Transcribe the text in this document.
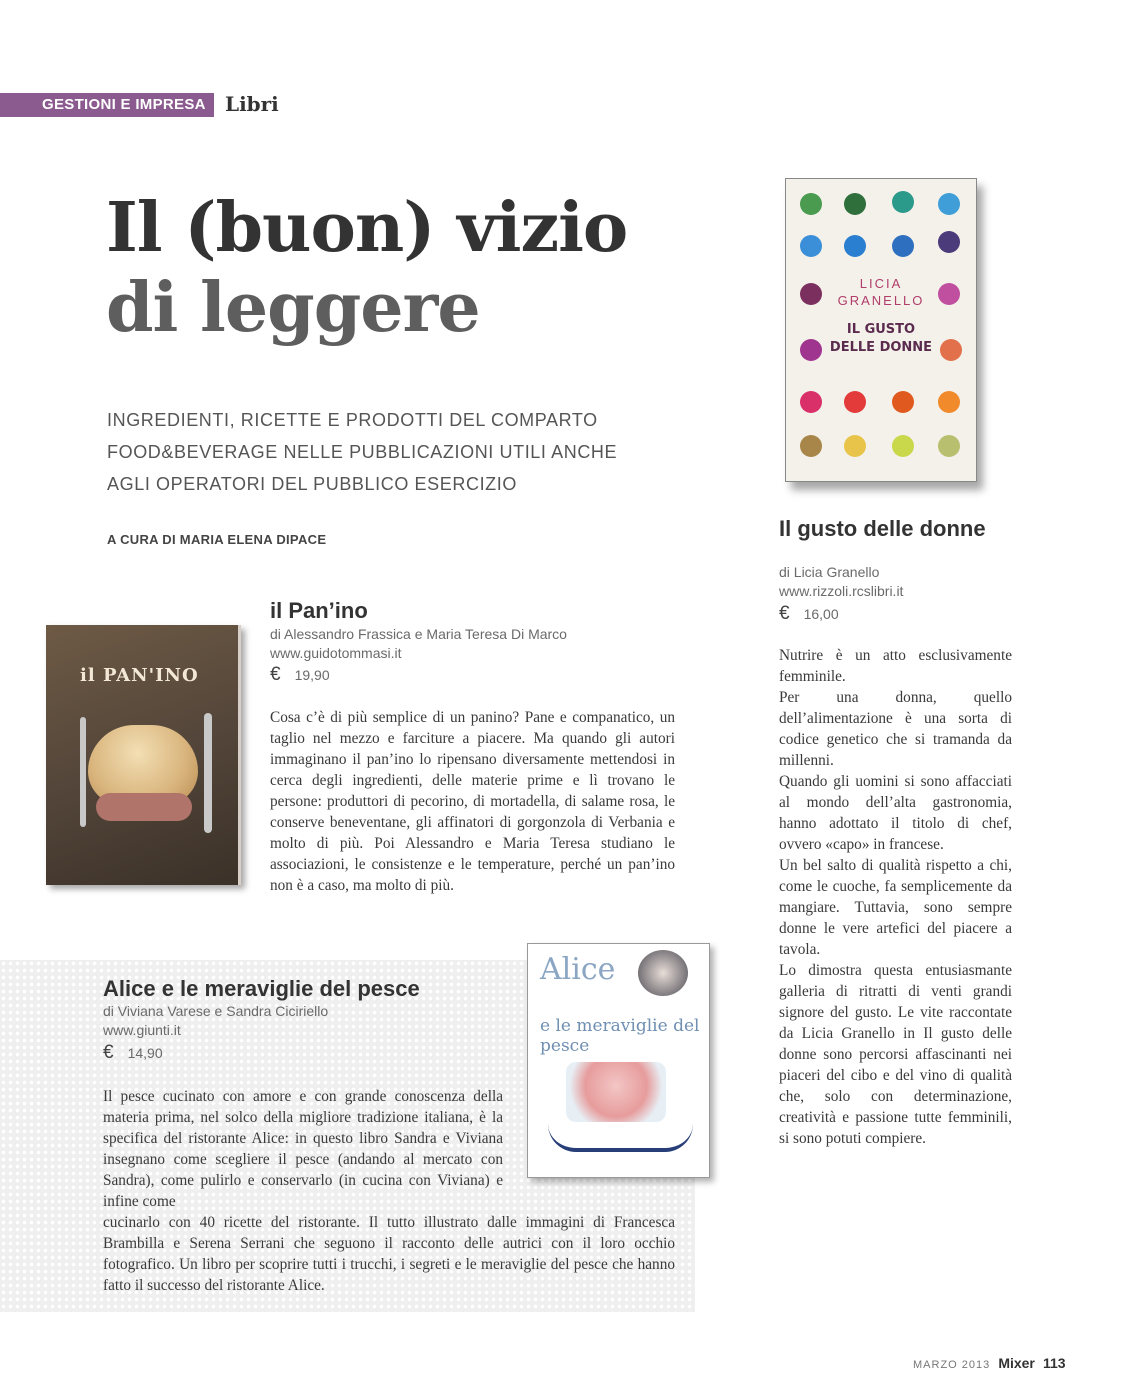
GESTIONI E IMPRESA Libri
Il (buon) vizio
di leggere
INGREDIENTI, RICETTE E PRODOTTI DEL COMPARTO
FOOD&BEVERAGE NELLE PUBBLICAZIONI UTILI ANCHE
AGLI OPERATORI DEL PUBBLICO ESERCIZIO
A CURA DI MARIA ELENA DIPACE
il PAN'INO
il Pan’ino
di Alessandro Frassica e Maria Teresa Di Marco
www.guidotommasi.it
€ 19,90
Cosa c’è di più semplice di un panino? Pane e companatico, un taglio nel mezzo e farciture a piacere. Ma quando gli autori immaginano il pan’ino lo ripensano diversamente mettendosi in cerca degli ingredienti, delle materie prime e lì trovano le persone: produttori di pecorino, di mortadella, di salame rosa, le conserve beneventane, gli affinatori di gorgonzola di Verbania e molto di più. Poi Alessandro e Maria Teresa studiano le associazioni, le consistenze e le temperature, perché un pan’ino non è a caso, ma molto di più.
LICIA
GRANELLO
IL GUSTO
DELLE DONNE
Il gusto delle donne
di Licia Granello
www.rizzoli.rcslibri.it
€ 16,00

Nutrire è un atto esclusivamente femminile.

Per una donna, quello dell’alimentazione è una sorta di codice genetico che si tramanda da millenni.

Quando gli uomini si sono affacciati al mondo dell’alta gastronomia, hanno adottato il titolo di chef, ovvero «capo» in francese.

Un bel salto di qualità rispetto a chi, come le cuoche, fa semplicemente da mangiare. Tuttavia, sono sempre donne le vere artefici del piacere a tavola.

Lo dimostra questa entusiasmante galleria di ritratti di venti grandi signore del gusto. Le vite raccontate da Licia Granello in Il gusto delle donne sono percorsi affascinanti nei piaceri del cibo e del vino di qualità che, solo con determinazione, creatività e passione tutte femminili, si sono potuti compiere.

Alice
e le meraviglie del pesce
Alice e le meraviglie del pesce
di Viviana Varese e Sandra Ciciriello
www.giunti.it
€ 14,90
Il pesce cucinato con amore e con grande conoscenza della materia prima, nel solco della migliore tradizione italiana, è la specifica del ristorante Alice: in questo libro Sandra e Viviana insegnano come scegliere il pesce (andando al mercato con Sandra), come pulirlo e conservarlo (in cucina con Viviana) e infine come
cucinarlo con 40 ricette del ristorante. Il tutto illustrato dalle immagini di Francesca Brambilla e Serena Serrani che seguono il racconto delle autrici con il loro occhio fotografico. Un libro per scoprire tutti i trucchi, i segreti e le meraviglie del pesce che hanno fatto il successo del ristorante Alice.
MARZO 2013 Mixer 113
